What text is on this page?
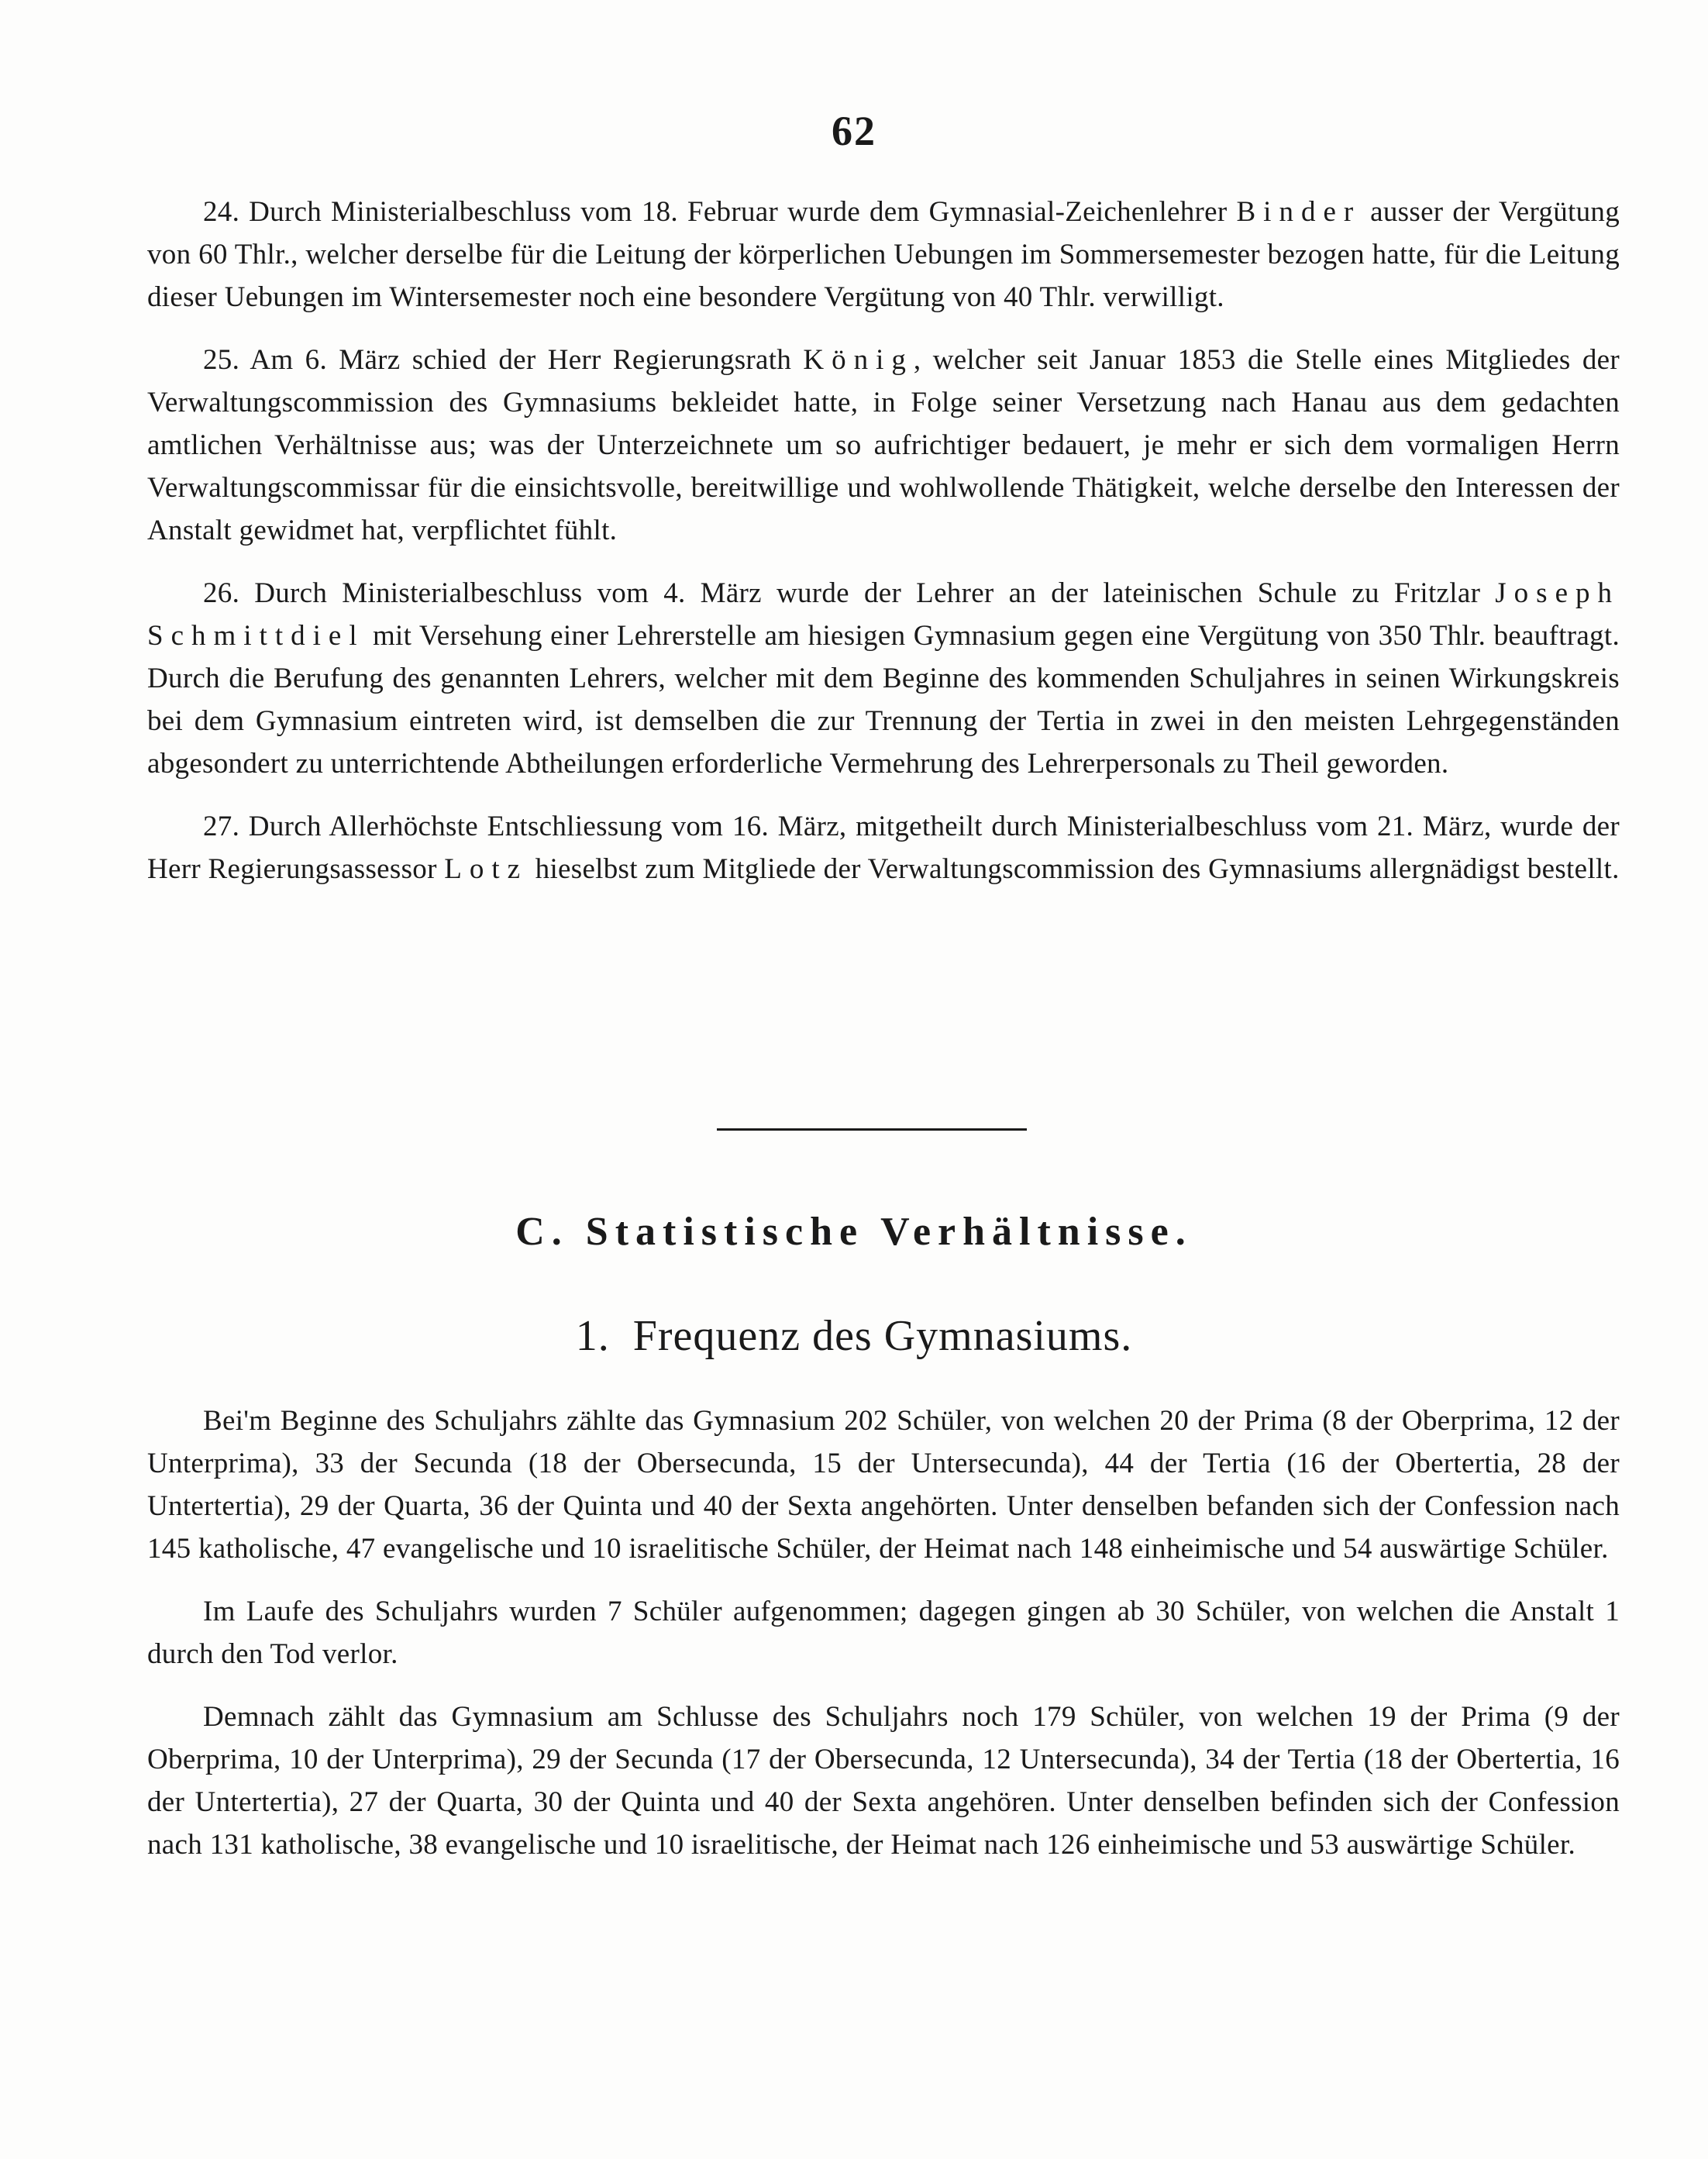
62

24. Durch Ministerialbeschluss vom 18. Februar wurde dem Gymnasial-Zeichenlehrer Binder ausser der Vergütung von 60 Thlr., welcher derselbe für die Leitung der körperlichen Uebungen im Sommersemester bezogen hatte, für die Leitung dieser Uebungen im Wintersemester noch eine besondere Vergütung von 40 Thlr. verwilligt.

25. Am 6. März schied der Herr Regierungsrath König, welcher seit Januar 1853 die Stelle eines Mitgliedes der Verwaltungscommission des Gymnasiums bekleidet hatte, in Folge seiner Versetzung nach Hanau aus dem gedachten amtlichen Verhältnisse aus; was der Unterzeichnete um so aufrichtiger bedauert, je mehr er sich dem vormaligen Herrn Verwaltungscommissar für die einsichtsvolle, bereitwillige und wohlwollende Thätigkeit, welche derselbe den Interessen der Anstalt gewidmet hat, verpflichtet fühlt.

26. Durch Ministerialbeschluss vom 4. März wurde der Lehrer an der lateinischen Schule zu Fritzlar Joseph Schmittdiel mit Versehung einer Lehrerstelle am hiesigen Gymnasium gegen eine Vergütung von 350 Thlr. beauftragt. Durch die Berufung des genannten Lehrers, welcher mit dem Beginne des kommenden Schuljahres in seinen Wirkungskreis bei dem Gymnasium eintreten wird, ist demselben die zur Trennung der Tertia in zwei in den meisten Lehrgegenständen abgesondert zu unterrichtende Abtheilungen erforderliche Vermehrung des Lehrerpersonals zu Theil geworden.

27. Durch Allerhöchste Entschliessung vom 16. März, mitgetheilt durch Ministerialbeschluss vom 21. März, wurde der Herr Regierungsassessor Lotz hieselbst zum Mitgliede der Verwaltungscommission des Gymnasiums allergnädigst bestellt.

C. Statistische Verhältnisse.
1. Frequenz des Gymnasiums.

Bei'm Beginne des Schuljahrs zählte das Gymnasium 202 Schüler, von welchen 20 der Prima (8 der Oberprima, 12 der Unterprima), 33 der Secunda (18 der Obersecunda, 15 der Untersecunda), 44 der Tertia (16 der Obertertia, 28 der Untertertia), 29 der Quarta, 36 der Quinta und 40 der Sexta angehörten. Unter denselben befanden sich der Confession nach 145 katholische, 47 evangelische und 10 israelitische Schüler, der Heimat nach 148 einheimische und 54 auswärtige Schüler.

Im Laufe des Schuljahrs wurden 7 Schüler aufgenommen; dagegen gingen ab 30 Schüler, von welchen die Anstalt 1 durch den Tod verlor.

Demnach zählt das Gymnasium am Schlusse des Schuljahrs noch 179 Schüler, von welchen 19 der Prima (9 der Oberprima, 10 der Unterprima), 29 der Secunda (17 der Obersecunda, 12 Untersecunda), 34 der Tertia (18 der Obertertia, 16 der Untertertia), 27 der Quarta, 30 der Quinta und 40 der Sexta angehören. Unter denselben befinden sich der Confession nach 131 katholische, 38 evangelische und 10 israelitische, der Heimat nach 126 einheimische und 53 auswärtige Schüler.
